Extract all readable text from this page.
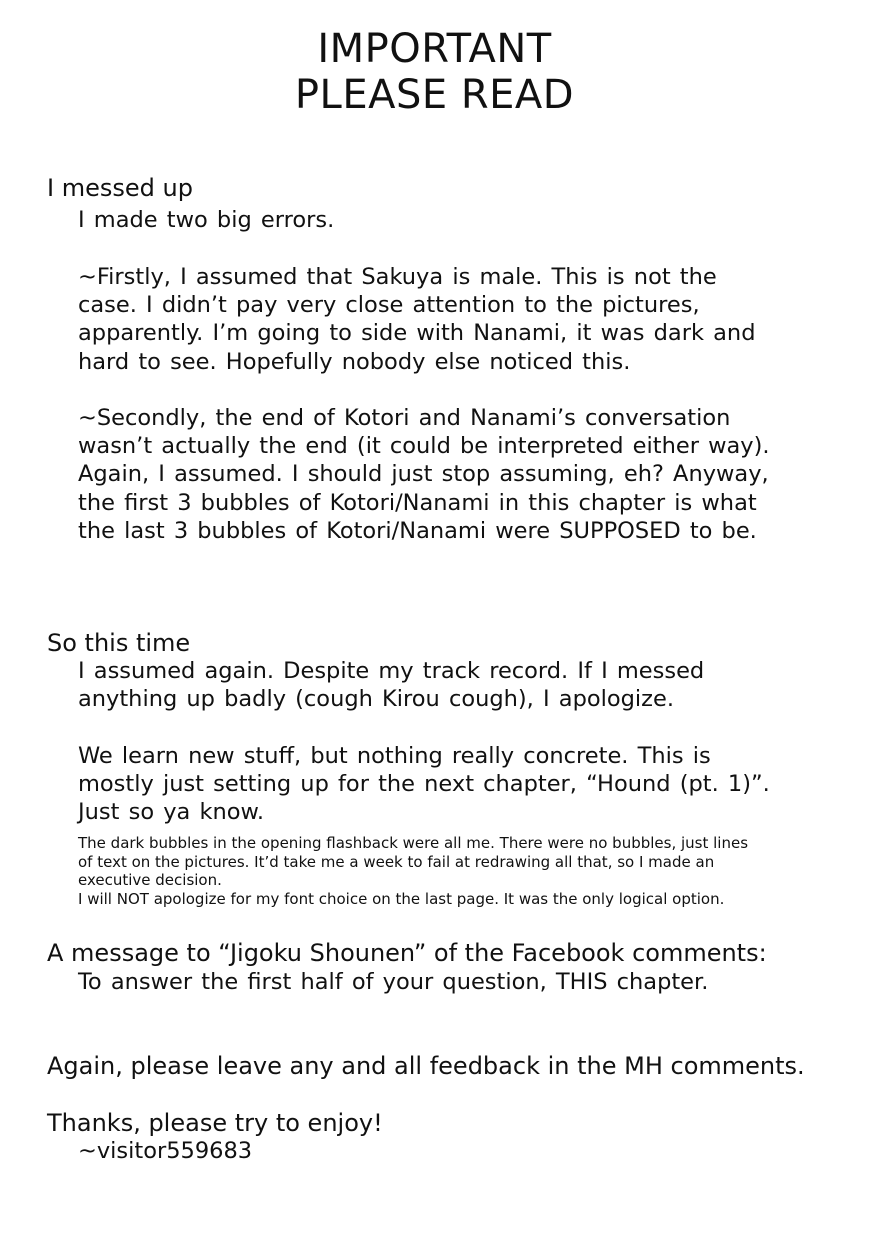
IMPORTANT
PLEASE READ
I messed up
I made two big errors.
~Firstly, I assumed that Sakuya is male. This is not the
case. I didn’t pay very close attention to the pictures,
apparently. I’m going to side with Nanami, it was dark and
hard to see. Hopefully nobody else noticed this.
~Secondly, the end of Kotori and Nanami’s conversation
wasn’t actually the end (it could be interpreted either way).
Again, I assumed. I should just stop assuming, eh? Anyway,
the first 3 bubbles of Kotori/Nanami in this chapter is what
the last 3 bubbles of Kotori/Nanami were SUPPOSED to be.
So this time
I assumed again. Despite my track record. If I messed
anything up badly (cough Kirou cough), I apologize.
We learn new stuff, but nothing really concrete. This is
mostly just setting up for the next chapter, “Hound (pt. 1)”.
Just so ya know.
The dark bubbles in the opening flashback were all me. There were no bubbles, just lines
of text on the pictures. It’d take me a week to fail at redrawing all that, so I made an
executive decision.
I will NOT apologize for my font choice on the last page. It was the only logical option.
A message to “Jigoku Shounen” of the Facebook comments:
To answer the first half of your question, THIS chapter.
Again, please leave any and all feedback in the MH comments.
Thanks, please try to enjoy!
~visitor559683
